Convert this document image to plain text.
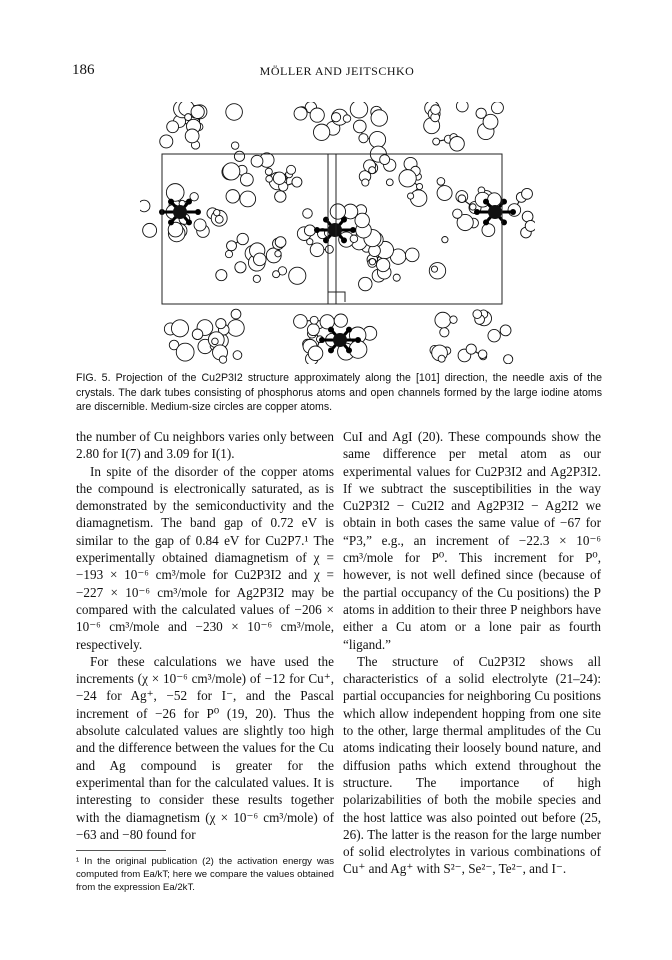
186	MÖLLER AND JEITSCHKO
FIG. 5. Projection of the Cu2P3I2 structure approximately along the [101] direction, the needle axis of the crystals. The dark tubes consisting of phosphorus atoms and open channels formed by the large iodine atoms are discernible. Medium-size circles are copper atoms.

the number of Cu neighbors varies only between 2.80 for I(7) and 3.09 for I(1).

In spite of the disorder of the copper atoms the compound is electronically saturated, as is demonstrated by the semiconductivity and the diamagnetism. The band gap of 0.72 eV is similar to the gap of 0.84 eV for Cu2P7.¹ The experimentally obtained diamagnetism of χ = −193 × 10⁻⁶ cm³/mole for Cu2P3I2 and χ = −227 × 10⁻⁶ cm³/mole for Ag2P3I2 may be compared with the calculated values of −206 × 10⁻⁶ cm³/mole and −230 × 10⁻⁶ cm³/mole, respectively.

For these calculations we have used the increments (χ × 10⁻⁶ cm³/mole) of −12 for Cu⁺, −24 for Ag⁺, −52 for I⁻, and the Pascal increment of −26 for P⁰ (19, 20). Thus the absolute calculated values are slightly too high and the difference between the values for the Cu and Ag compound is greater for the experimental than for the calculated values. It is interesting to consider these results together with the diamagnetism (χ × 10⁻⁶ cm³/mole) of −63 and −80 found for

¹ In the original publication (2) the activation energy was computed from Ea/kT; here we compare the values obtained from the expression Ea/2kT.

CuI and AgI (20). These compounds show the same difference per metal atom as our experimental values for Cu2P3I2 and Ag2P3I2. If we subtract the susceptibilities in the way Cu2P3I2 − Cu2I2 and Ag2P3I2 − Ag2I2 we obtain in both cases the same value of −67 for “P3,” e.g., an increment of −22.3 × 10⁻⁶ cm³/mole for P⁰. This increment for P⁰, however, is not well defined since (because of the partial occupancy of the Cu positions) the P atoms in addition to their three P neighbors have either a Cu atom or a lone pair as fourth “ligand.”

The structure of Cu2P3I2 shows all characteristics of a solid electrolyte (21–24): partial occupancies for neighboring Cu positions which allow independent hopping from one site to the other, large thermal amplitudes of the Cu atoms indicating their loosely bound nature, and diffusion paths which extend throughout the structure. The importance of high polarizabilities of both the mobile species and the host lattice was also pointed out before (25, 26). The latter is the reason for the large number of solid electrolytes in various combinations of Cu⁺ and Ag⁺ with S²⁻, Se²⁻, Te²⁻, and I⁻.
